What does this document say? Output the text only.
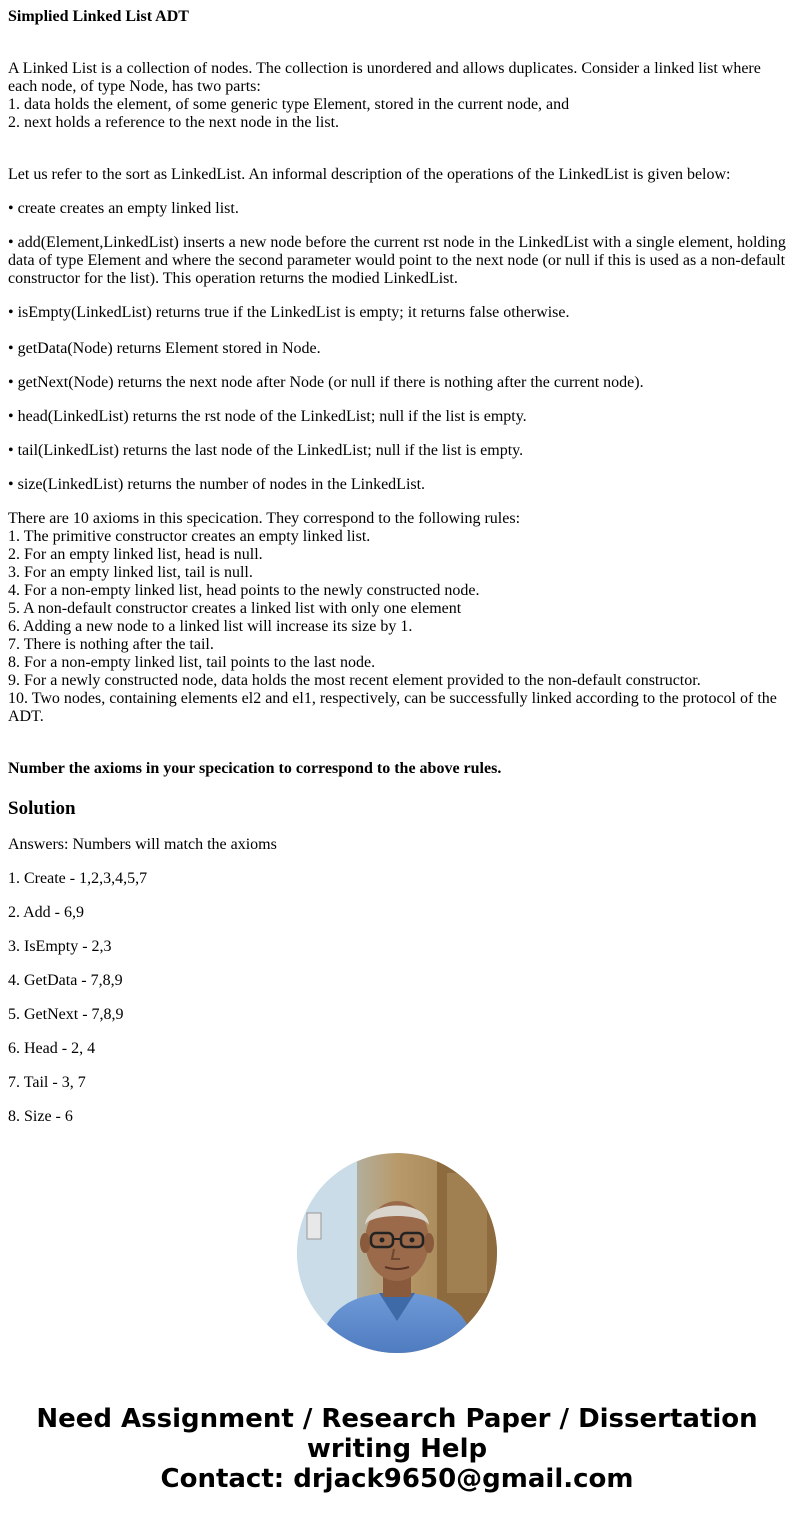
Simplied Linked List ADT
A Linked List is a collection of nodes. The collection is unordered and allows duplicates. Consider a linked list where each node, of type Node, has two parts:
1. data holds the element, of some generic type Element, stored in the current node, and
2. next holds a reference to the next node in the list.
Let us refer to the sort as LinkedList. An informal description of the operations of the LinkedList is given below:
• create creates an empty linked list.
• add(Element,LinkedList) inserts a new node before the current rst node in the LinkedList with a single element, holding data of type Element and where the second parameter would point to the next node (or null if this is used as a non-default constructor for the list). This operation returns the modied LinkedList.
• isEmpty(LinkedList) returns true if the LinkedList is empty; it returns false otherwise.
• getData(Node) returns Element stored in Node.
• getNext(Node) returns the next node after Node (or null if there is nothing after the current node).
• head(LinkedList) returns the rst node of the LinkedList; null if the list is empty.
• tail(LinkedList) returns the last node of the LinkedList; null if the list is empty.
• size(LinkedList) returns the number of nodes in the LinkedList.
There are 10 axioms in this specication. They correspond to the following rules:
1. The primitive constructor creates an empty linked list.
2. For an empty linked list, head is null.
3. For an empty linked list, tail is null.
4. For a non-empty linked list, head points to the newly constructed node.
5. A non-default constructor creates a linked list with only one element
6. Adding a new node to a linked list will increase its size by 1.
7. There is nothing after the tail.
8. For a non-empty linked list, tail points to the last node.
9. For a newly constructed node, data holds the most recent element provided to the non-default constructor.
10. Two nodes, containing elements el2 and el1, respectively, can be successfully linked according to the protocol of the ADT.
Number the axioms in your specication to correspond to the above rules.
Solution
Answers: Numbers will match the axioms
1. Create - 1,2,3,4,5,7
2. Add - 6,9
3. IsEmpty - 2,3
4. GetData - 7,8,9
5. GetNext - 7,8,9
6. Head - 2, 4
7. Tail - 3, 7
8. Size - 6
Need Assignment / Research Paper / Dissertation
writing Help
Contact: drjack9650@gmail.com
